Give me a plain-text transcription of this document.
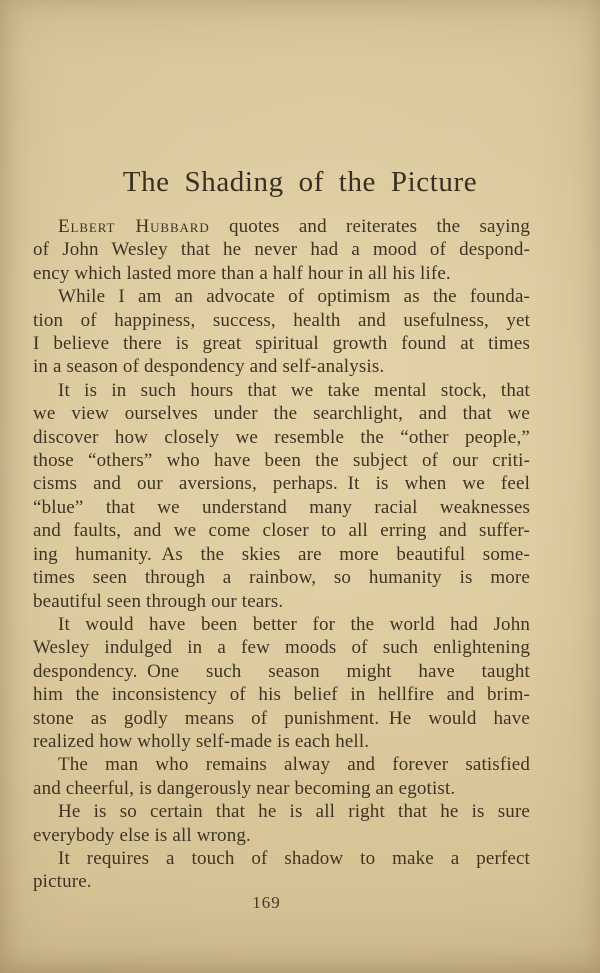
The Shading of the Picture
Elbert Hubbard quotes and reiterates the saying
of John Wesley that he never had a mood of despond-
ency which lasted more than a half hour in all his life.
While I am an advocate of optimism as the founda-
tion of happiness, success, health and usefulness, yet
I believe there is great spiritual growth found at times
in a season of despondency and self-analysis.
It is in such hours that we take mental stock, that
we view ourselves under the searchlight, and that we
discover how closely we resemble the “other people,”
those “others” who have been the subject of our criti-
cisms and our aversions, perhaps. It is when we feel
“blue” that we understand many racial weaknesses
and faults, and we come closer to all erring and suffer-
ing humanity. As the skies are more beautiful some-
times seen through a rainbow, so humanity is more
beautiful seen through our tears.
It would have been better for the world had John
Wesley indulged in a few moods of such enlightening
despondency. One such season might have taught
him the inconsistency of his belief in hellfire and brim-
stone as godly means of punishment. He would have
realized how wholly self-made is each hell.
The man who remains alway and forever satisfied
and cheerful, is dangerously near becoming an egotist.
He is so certain that he is all right that he is sure
everybody else is all wrong.
It requires a touch of shadow to make a perfect
picture.
169
